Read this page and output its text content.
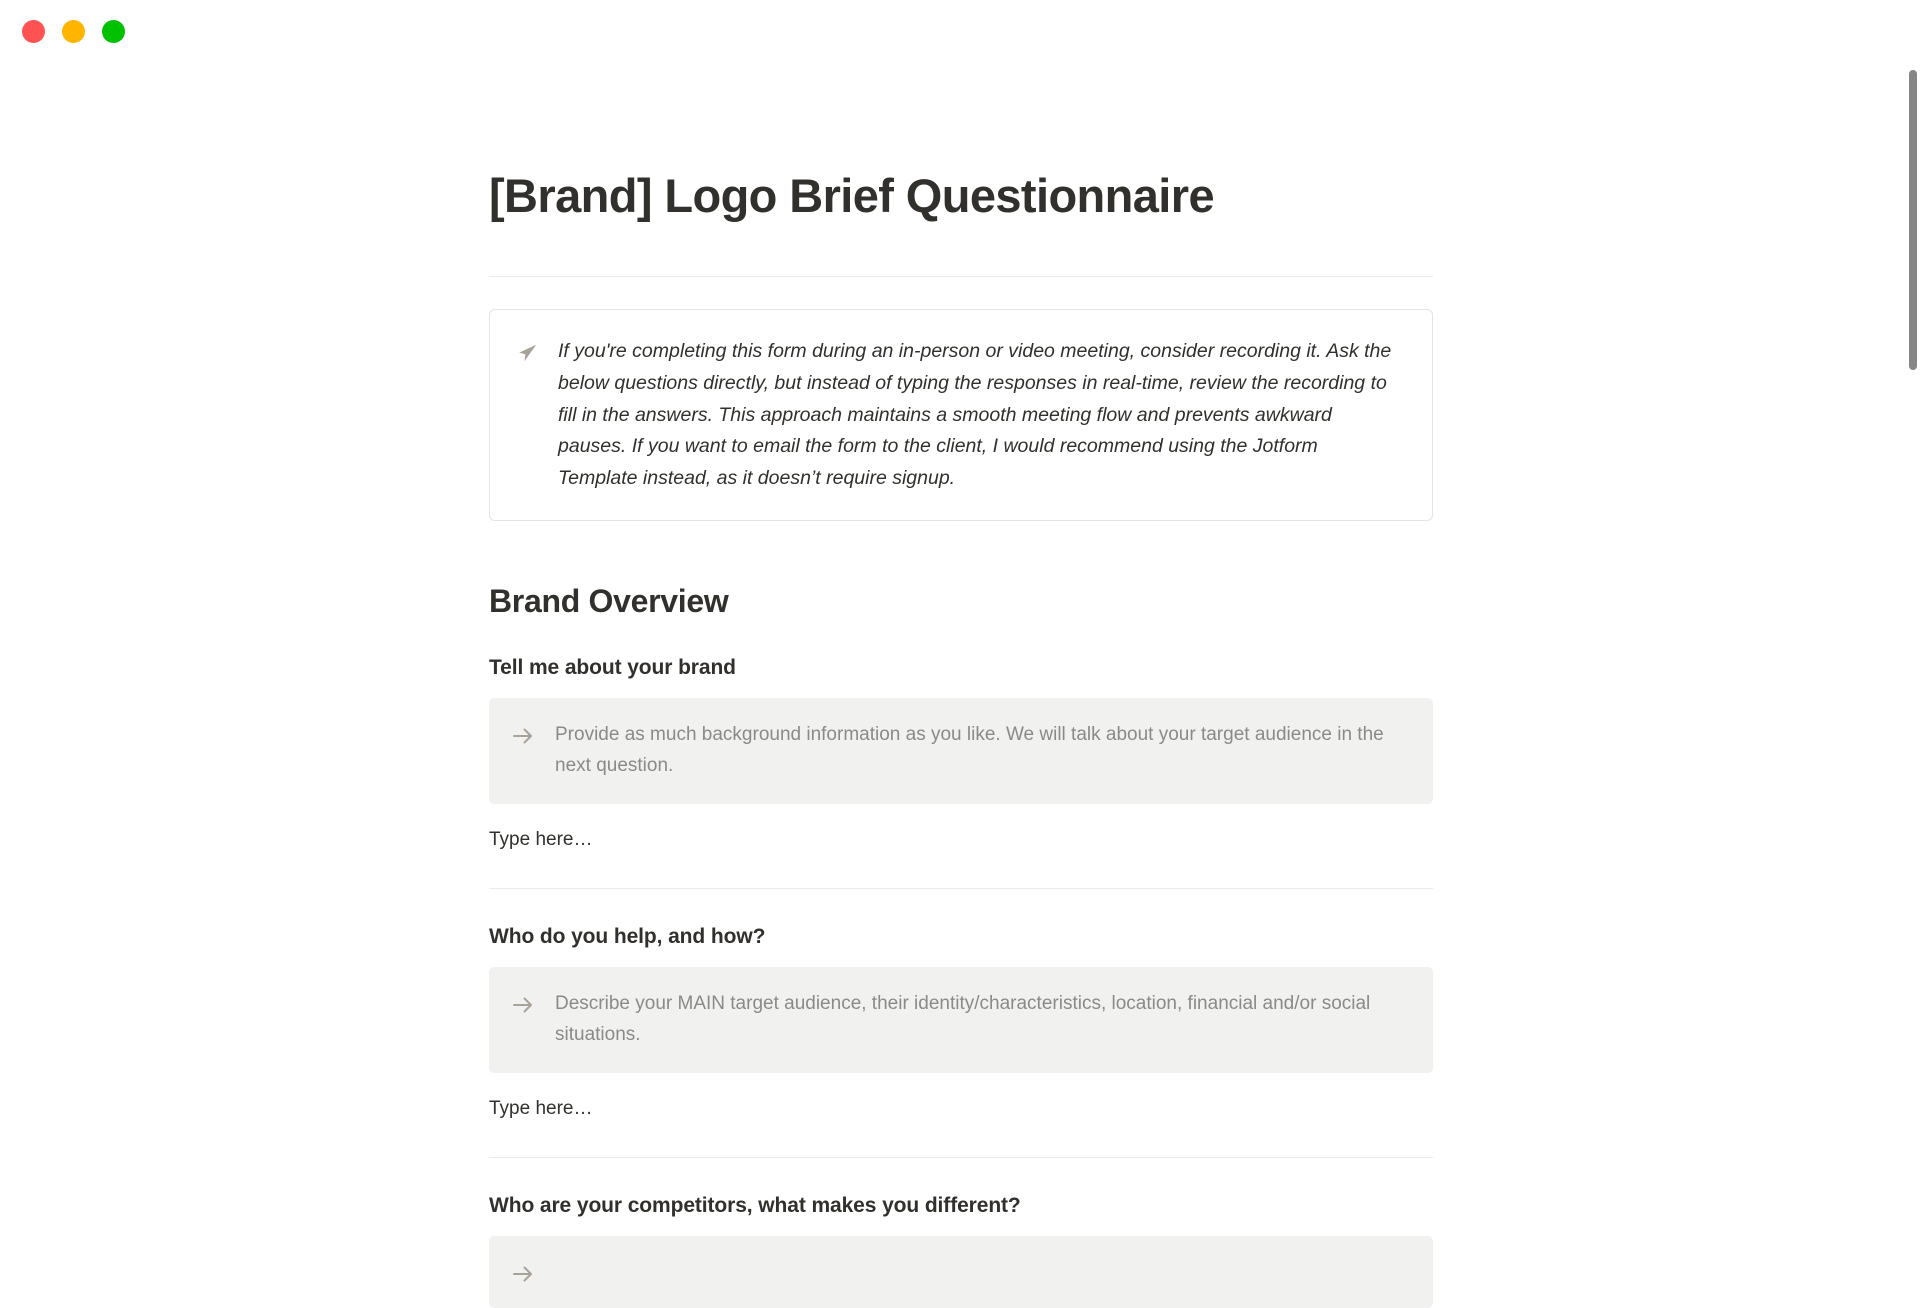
[Brand] Logo Brief Questionnaire

If you're completing this form during an in-person or video meeting, consider recording it. Ask the below questions directly, but instead of typing the responses in real-time, review the recording to fill in the answers. This approach maintains a smooth meeting flow and prevents awkward pauses. If you want to email the form to the client, I would recommend using the Jotform Template instead, as it doesn’t require signup.

Brand Overview
Tell me about your brand

Provide as much background information as you like. We will talk about your target audience in the next question.

Type here…

Who do you help, and how?

Describe your MAIN target audience, their identity/characteristics, location, financial and/or social situations.

Type here…

Who are your competitors, what makes you different?
